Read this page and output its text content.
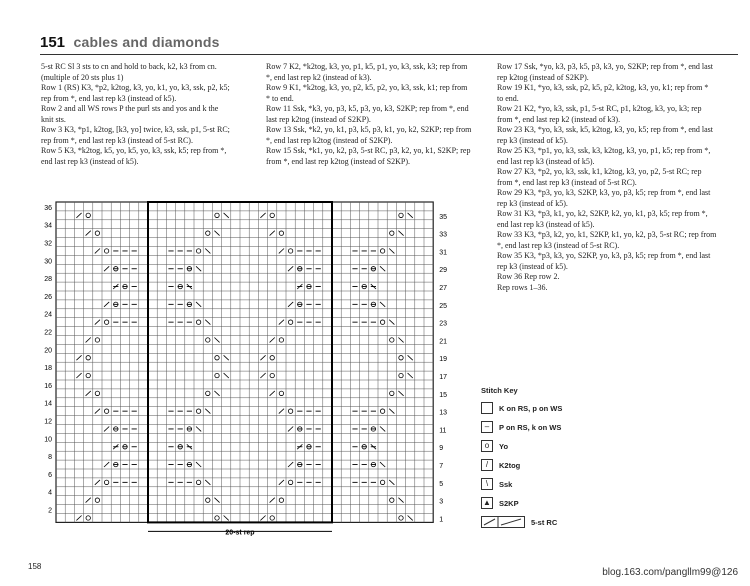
151 cables and diamonds

5-st RC Sl 3 sts to cn and hold to back, k2, k3 from cn.

(multiple of 20 sts plus 1)

Row 1 (RS) K3, *p2, k2tog, k3, yo, k1, yo, k3, ssk, p2, k5;

rep from *, end last rep k3 (instead of k5).

Row 2 and all WS rows P the purl sts and yos and k the

knit sts.

Row 3 K3, *p1, k2tog, [k3, yo] twice, k3, ssk, p1, 5-st RC;

rep from *, end last rep k3 (instead of 5-st RC).

Row 5 K3, *k2tog, k5, yo, k5, yo, k3, ssk, k5; rep from *,

end last rep k3 (instead of k5).

Row 7 K2, *k2tog, k3, yo, p1, k5, p1, yo, k3, ssk, k3; rep from

*, end last rep k2 (instead of k3).

Row 9 K1, *k2tog, k3, yo, p2, k5, p2, yo, k3, ssk, k1; rep from

* to end.

Row 11 Ssk, *k3, yo, p3, k5, p3, yo, k3, S2KP; rep from *, end

last rep k2tog (instead of S2KP).

Row 13 Ssk, *k2, yo, k1, p3, k5, p3, k1, yo, k2, S2KP; rep from

*, end last rep k2tog (instead of S2KP).

Row 15 Ssk, *k1, yo, k2, p3, 5-st RC, p3, k2, yo, k1, S2KP; rep

from *, end last rep k2tog (instead of S2KP).

Row 17 Ssk, *yo, k3, p3, k5, p3, k3, yo, S2KP; rep from *, end last

rep k2tog (instead of S2KP).

Row 19 K1, *yo, k3, ssk, p2, k5, p2, k2tog, k3, yo, k1; rep from *

to end.

Row 21 K2, *yo, k3, ssk, p1, 5-st RC, p1, k2tog, k3, yo, k3; rep

from *, end last rep k2 (instead of k3).

Row 23 K3, *yo, k3, ssk, k5, k2tog, k3, yo, k5; rep from *, end last

rep k3 (instead of k5).

Row 25 K3, *p1, yo, k3, ssk, k3, k2tog, k3, yo, p1, k5; rep from *,

end last rep k3 (instead of k5).

Row 27 K3, *p2, yo, k3, ssk, k1, k2tog, k3, yo, p2, 5-st RC; rep

from *, end last rep k3 (instead of 5-st RC).

Row 29 K3, *p3, yo, k3, S2KP, k3, yo, p3, k5; rep from *, end last

rep k3 (instead of k5).

Row 31 K3, *p3, k1, yo, k2, S2KP, k2, yo, k1, p3, k5; rep from *,

end last rep k3 (instead of k5).

Row 33 K3, *p3, k2, yo, k1, S2KP, k1, yo, k2, p3, 5-st RC; rep from

*, end last rep k3 (instead of 5-st RC).

Row 35 K3, *p3, k3, yo, S2KP, yo, k3, p3, k5; rep from *, end last

rep k3 (instead of k5).

Row 36 Rep row 2.

Rep rows 1–36.

36
34
32
30
28
26
24
22
20
18
16
14
12
10
8
6
4
2
35
33
31
29
27
25
23
21
19
17
15
13
11
9
7
5
3
1
20-st rep
Stitch Key
K on RS, p on WS
–	P on RS, k on WS
o	Yo
/	K2tog
\	Ssk
▲ S2KP
5-st RC
158
blog.163.com/pangllm99@126
